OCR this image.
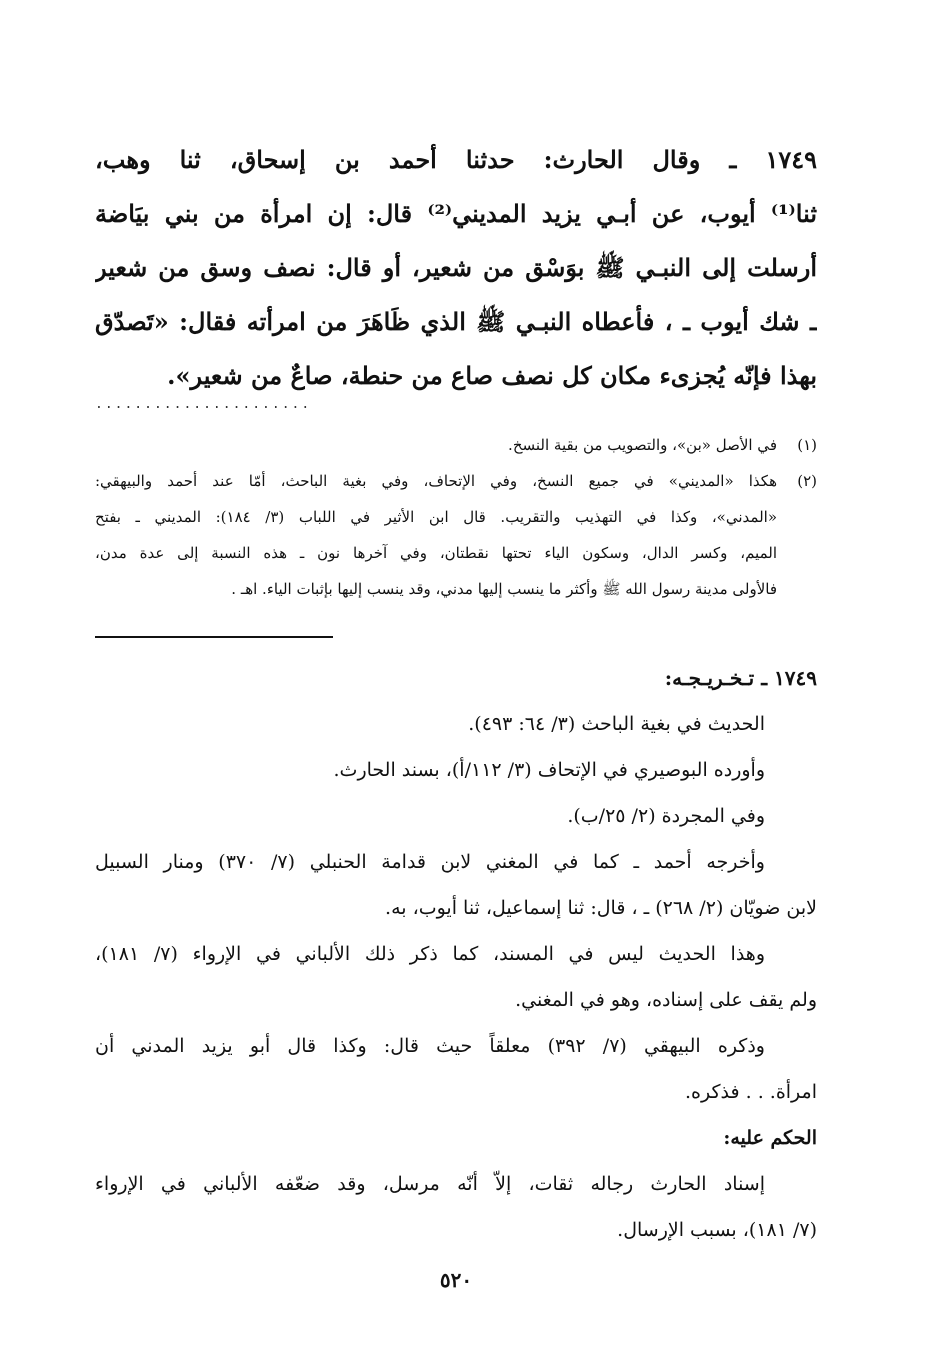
١٧٤٩ ـ وقال الحارث: حدثنا أحمد بن إسحاق، ثنا وهب،
ثنا⁽¹⁾ أيوب، عن أبـي يزيد المديني⁽²⁾ قال: إن امرأة من بني بيَاضة
أرسلت إلى النبـي ﷺ بوَسْق من شعير، أو قال: نصف وسق من شعير
ـ شك أيوب ـ ، فأعطاه النبـي ﷺ الذي ظَاهَرَ من امرأته فقال: «تَصدّق
بهذا فإنّه يُجزىء مكان كل نصف صاع من حنطة، صاعٌ من شعير».
......................
(١)
في الأصل «بن»، والتصويب من بقية النسخ.
(٢)
هكذا «المديني» في جميع النسخ، وفي الإتحاف، وفي بغية الباحث، أمّا عند أحمد والبيهقي:
«المدني»، وكذا في التهذيب والتقريب. قال ابن الأثير في اللباب (٣/ ١٨٤): المديني ـ بفتح
الميم، وكسر الدال، وسكون الياء تحتها نقطتان، وفي آخرها نون ـ هذه النسبة إلى عدة مدن،
فالأولى مدينة رسول الله ﷺ وأكثر ما ينسب إليها مدني، وقد ينسب إليها بإثبات الياء. اهـ .
١٧٤٩ ـ تـخـريـجـه:
الحديث في بغية الباحث (٣/ ٦٤: ٤٩٣).
وأورده البوصيري في الإتحاف (٣/ ١١٢/أ)، بسند الحارث.
وفي المجردة (٢/ ٢٥/ب).
وأخرجه أحمد ـ كما في المغني لابن قدامة الحنبلي (٧/ ٣٧٠) ومنار السبيل
لابن ضويّان (٢/ ٢٦٨) ـ ، قال: ثنا إسماعيل، ثنا أيوب، به.
وهذا الحديث ليس في المسند، كما ذكر ذلك الألباني في الإرواء (٧/ ١٨١)،
ولم يقف على إسناده، وهو في المغني.
وذكره البيهقي (٧/ ٣٩٢) معلقاً حيث قال: وكذا قال أبو يزيد المدني أن
امرأة. . . فذكره.
الحكم عليه:
إسناد الحارث رجاله ثقات، إلاّ أنّه مرسل، وقد ضعّفه الألباني في الإرواء
(٧/ ١٨١)، بسبب الإرسال.
٥٢٠
